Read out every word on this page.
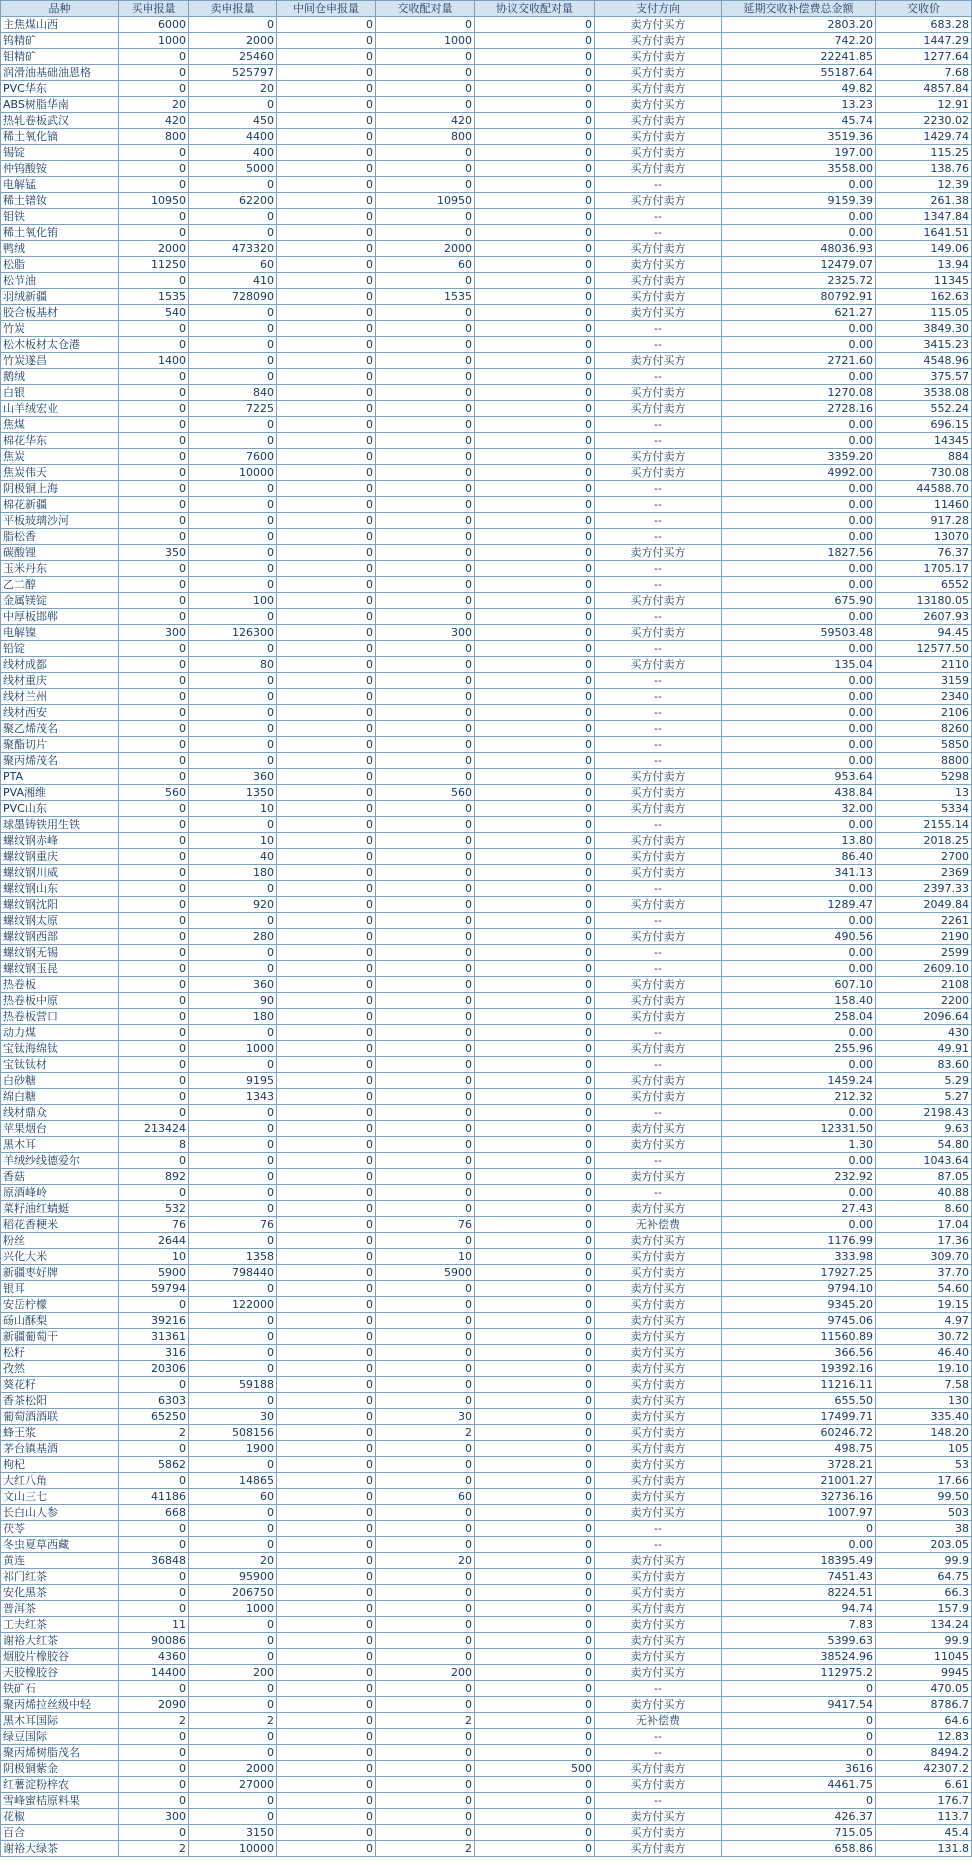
品种	买申报量	卖申报量	中间仓申报量	交收配对量	协议交收配对量	支付方向	延期交收补偿费总金额	交收价
主焦煤山西	6000	0	0	0	0	卖方付买方	2803.20	683.28
钨精矿	1000	2000	0	1000	0	买方付卖方	742.20	1447.29
钼精矿	0	25460	0	0	0	买方付卖方	22241.85	1277.64
润滑油基础油恩格	0	525797	0	0	0	买方付卖方	55187.64	7.68
PVC华东	0	20	0	0	0	买方付卖方	49.82	4857.84
ABS树脂华南	20	0	0	0	0	卖方付买方	13.23	12.91
热轧卷板武汉	420	450	0	420	0	买方付卖方	45.74	2230.02
稀土氧化镝	800	4400	0	800	0	买方付卖方	3519.36	1429.74
锡锭	0	400	0	0	0	买方付卖方	197.00	115.25
仲钨酸铵	0	5000	0	0	0	买方付卖方	3558.00	138.76
电解锰	0	0	0	0	0	--	0.00	12.39
稀土镨钕	10950	62200	0	10950	0	买方付卖方	9159.39	261.38
钼铁	0	0	0	0	0	--	0.00	1347.84
稀土氧化铕	0	0	0	0	0	--	0.00	1641.51
鸭绒	2000	473320	0	2000	0	买方付卖方	48036.93	149.06
松脂	11250	60	0	60	0	卖方付买方	12479.07	13.94
松节油	0	410	0	0	0	买方付卖方	2325.72	11345
羽绒新疆	1535	728090	0	1535	0	买方付卖方	80792.91	162.63
胶合板基材	540	0	0	0	0	卖方付买方	621.27	115.05
竹炭	0	0	0	0	0	--	0.00	3849.30
松木板材太仓港	0	0	0	0	0	--	0.00	3415.23
竹炭遂昌	1400	0	0	0	0	卖方付买方	2721.60	4548.96
鹅绒	0	0	0	0	0	--	0.00	375.57
白银	0	840	0	0	0	买方付卖方	1270.08	3538.08
山羊绒宏业	0	7225	0	0	0	买方付卖方	2728.16	552.24
焦煤	0	0	0	0	0	--	0.00	696.15
棉花华东	0	0	0	0	0	--	0.00	14345
焦炭	0	7600	0	0	0	买方付卖方	3359.20	884
焦炭伟天	0	10000	0	0	0	买方付卖方	4992.00	730.08
阴极铜上海	0	0	0	0	0	--	0.00	44588.70
棉花新疆	0	0	0	0	0	--	0.00	11460
平板玻璃沙河	0	0	0	0	0	--	0.00	917.28
脂松香	0	0	0	0	0	--	0.00	13070
碳酸锂	350	0	0	0	0	卖方付买方	1827.56	76.37
玉米丹东	0	0	0	0	0	--	0.00	1705.17
乙二醇	0	0	0	0	0	--	0.00	6552
金属镁锭	0	100	0	0	0	买方付卖方	675.90	13180.05
中厚板邯郸	0	0	0	0	0	--	0.00	2607.93
电解镍	300	126300	0	300	0	买方付卖方	59503.48	94.45
铅锭	0	0	0	0	0	--	0.00	12577.50
线材成都	0	80	0	0	0	买方付卖方	135.04	2110
线材重庆	0	0	0	0	0	--	0.00	3159
线材兰州	0	0	0	0	0	--	0.00	2340
线材西安	0	0	0	0	0	--	0.00	2106
聚乙烯茂名	0	0	0	0	0	--	0.00	8260
聚酯切片	0	0	0	0	0	--	0.00	5850
聚丙烯茂名	0	0	0	0	0	--	0.00	8800
PTA	0	360	0	0	0	买方付卖方	953.64	5298
PVA湘维	560	1350	0	560	0	买方付卖方	438.84	13
PVC山东	0	10	0	0	0	买方付卖方	32.00	5334
球墨铸铁用生铁	0	0	0	0	0	--	0.00	2155.14
螺纹钢赤峰	0	10	0	0	0	买方付卖方	13.80	2018.25
螺纹钢重庆	0	40	0	0	0	买方付卖方	86.40	2700
螺纹钢川威	0	180	0	0	0	买方付卖方	341.13	2369
螺纹钢山东	0	0	0	0	0	--	0.00	2397.33
螺纹钢沈阳	0	920	0	0	0	买方付卖方	1289.47	2049.84
螺纹钢太原	0	0	0	0	0	--	0.00	2261
螺纹钢西部	0	280	0	0	0	买方付卖方	490.56	2190
螺纹钢无锡	0	0	0	0	0	--	0.00	2599
螺纹钢玉昆	0	0	0	0	0	--	0.00	2609.10
热卷板	0	360	0	0	0	买方付卖方	607.10	2108
热卷板中原	0	90	0	0	0	买方付卖方	158.40	2200
热卷板营口	0	180	0	0	0	买方付卖方	258.04	2096.64
动力煤	0	0	0	0	0	--	0.00	430
宝钛海绵钛	0	1000	0	0	0	买方付卖方	255.96	49.91
宝钛钛材	0	0	0	0	0	--	0.00	83.60
白砂糖	0	9195	0	0	0	买方付卖方	1459.24	5.29
绵白糖	0	1343	0	0	0	买方付卖方	212.32	5.27
线材鼎众	0	0	0	0	0	--	0.00	2198.43
苹果烟台	213424	0	0	0	0	卖方付买方	12331.50	9.63
黑木耳	8	0	0	0	0	卖方付买方	1.30	54.80
羊绒纱线德爱尔	0	0	0	0	0	--	0.00	1043.64
香菇	892	0	0	0	0	卖方付买方	232.92	87.05
原酒峰岭	0	0	0	0	0	--	0.00	40.88
菜籽油红蜻蜓	532	0	0	0	0	卖方付买方	27.43	8.60
稻花香粳米	76	76	0	76	0	无补偿费	0.00	17.04
粉丝	2644	0	0	0	0	卖方付买方	1176.99	17.36
兴化大米	10	1358	0	10	0	买方付卖方	333.98	309.70
新疆枣好牌	5900	798440	0	5900	0	买方付卖方	17927.25	37.70
银耳	59794	0	0	0	0	卖方付买方	9794.10	54.60
安岳柠檬	0	122000	0	0	0	买方付卖方	9345.20	19.15
砀山酥梨	39216	0	0	0	0	卖方付买方	9745.06	4.97
新疆葡萄干	31361	0	0	0	0	卖方付买方	11560.89	30.72
松籽	316	0	0	0	0	卖方付买方	366.56	46.40
孜然	20306	0	0	0	0	卖方付买方	19392.16	19.10
葵花籽	0	59188	0	0	0	买方付卖方	11216.11	7.58
香茶松阳	6303	0	0	0	0	卖方付买方	655.50	130
葡萄酒酒联	65250	30	0	30	0	卖方付买方	17499.71	335.40
蜂王浆	2	508156	0	2	0	买方付卖方	60246.72	148.20
茅台镇基酒	0	1900	0	0	0	买方付卖方	498.75	105
枸杞	5862	0	0	0	0	卖方付买方	3728.21	53
大红八角	0	14865	0	0	0	买方付卖方	21001.27	17.66
文山三七	41186	60	0	60	0	卖方付买方	32736.16	99.50
长白山人参	668	0	0	0	0	卖方付买方	1007.97	503
茯苓	0	0	0	0	0	--	0	38
冬虫夏草西藏	0	0	0	0	0	--	0.00	203.05
黄连	36848	20	0	20	0	卖方付买方	18395.49	99.9
祁门红茶	0	95900	0	0	0	买方付卖方	7451.43	64.75
安化黑茶	0	206750	0	0	0	买方付卖方	8224.51	66.3
普洱茶	0	1000	0	0	0	买方付卖方	94.74	157.9
工夫红茶	11	0	0	0	0	卖方付买方	7.83	134.24
谢裕大红茶	90086	0	0	0	0	卖方付买方	5399.63	99.9
烟胶片橡胶谷	4360	0	0	0	0	卖方付买方	38524.96	11045
天胶橡胶谷	14400	200	0	200	0	卖方付买方	112975.2	9945
铁矿石	0	0	0	0	0	--	0	470.05
聚丙烯拉丝级中轻	2090	0	0	0	0	卖方付买方	9417.54	8786.7
黑木耳国际	2	2	0	2	0	无补偿费	0	64.6
绿豆国际	0	0	0	0	0	--	0	12.83
聚丙烯树脂茂名	0	0	0	0	0	--	0	8494.2
阴极铜紫金	0	2000	0	0	500	买方付卖方	3616	42307.2
红薯淀粉梓农	0	27000	0	0	0	买方付卖方	4461.75	6.61
雪峰蜜桔原料果	0	0	0	0	0	--	0	176.7
花椒	300	0	0	0	0	卖方付买方	426.37	113.7
百合	0	3150	0	0	0	买方付卖方	715.05	45.4
谢裕大绿茶	2	10000	0	2	0	买方付卖方	658.86	131.8
